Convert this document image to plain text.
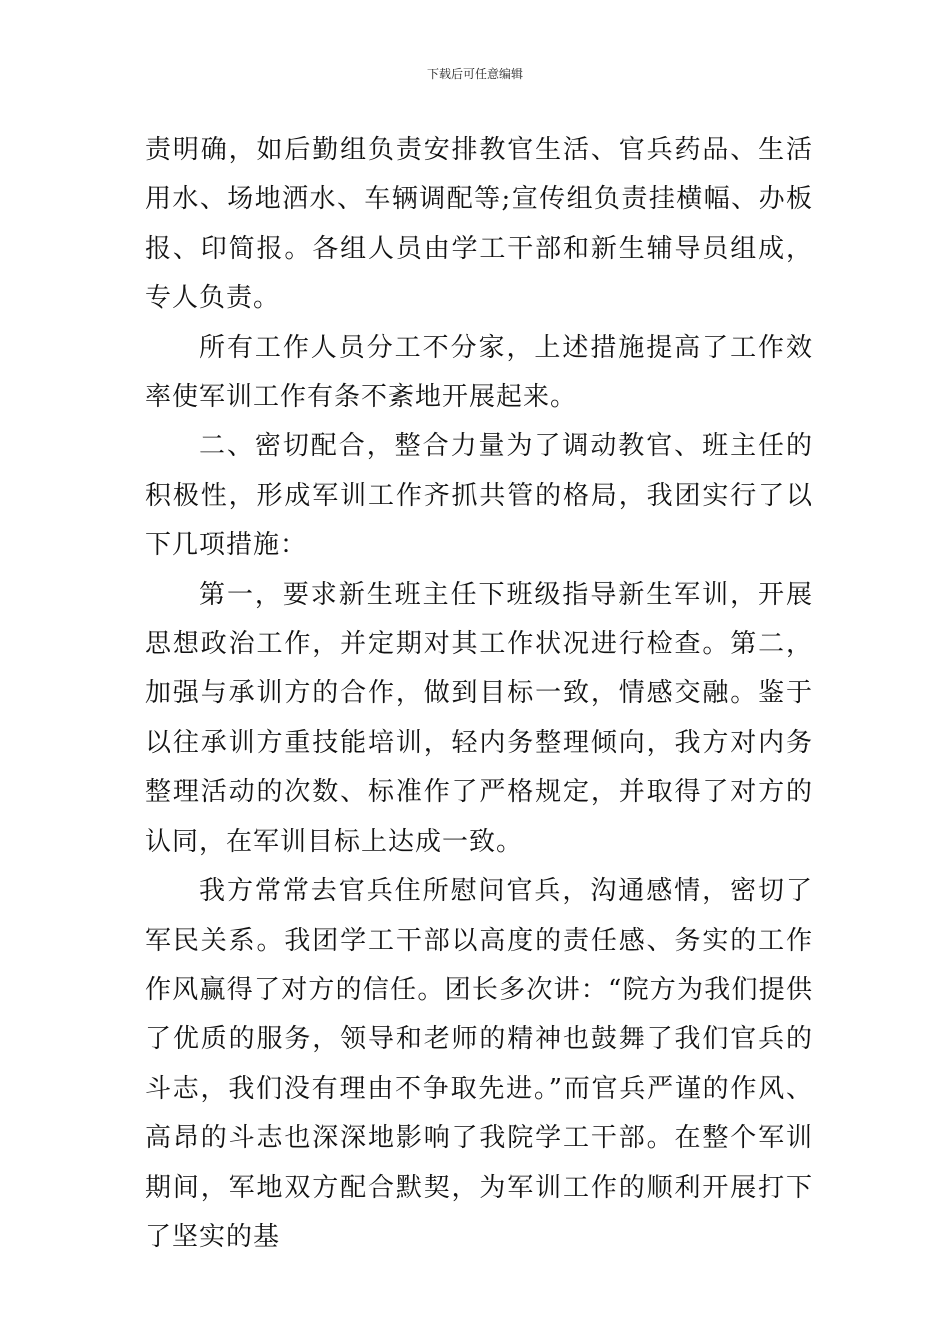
下载后可任意编辑

责明确，如后勤组负责安排教官生活、官兵药品、生活用水、场地洒水、车辆调配等;宣传组负责挂横幅、办板报、印简报。各组人员由学工干部和新生辅导员组成，专人负责。

所有工作人员分工不分家，上述措施提高了工作效率使军训工作有条不紊地开展起来。

二、密切配合，整合力量为了调动教官、班主任的积极性，形成军训工作齐抓共管的格局，我团实行了以下几项措施：

第一，要求新生班主任下班级指导新生军训，开展思想政治工作，并定期对其工作状况进行检查。第二，加强与承训方的合作，做到目标一致，情感交融。鉴于以往承训方重技能培训，轻内务整理倾向，我方对内务整理活动的次数、标准作了严格规定，并取得了对方的认同，在军训目标上达成一致。

我方常常去官兵住所慰问官兵，沟通感情，密切了军民关系。我团学工干部以高度的责任感、务实的工作作风赢得了对方的信任。团长多次讲：“院方为我们提供了优质的服务，领导和老师的精神也鼓舞了我们官兵的斗志，我们没有理由不争取先进。”而官兵严谨的作风、高昂的斗志也深深地影响了我院学工干部。在整个军训期间，军地双方配合默契，为军训工作的顺利开展打下了坚实的基
